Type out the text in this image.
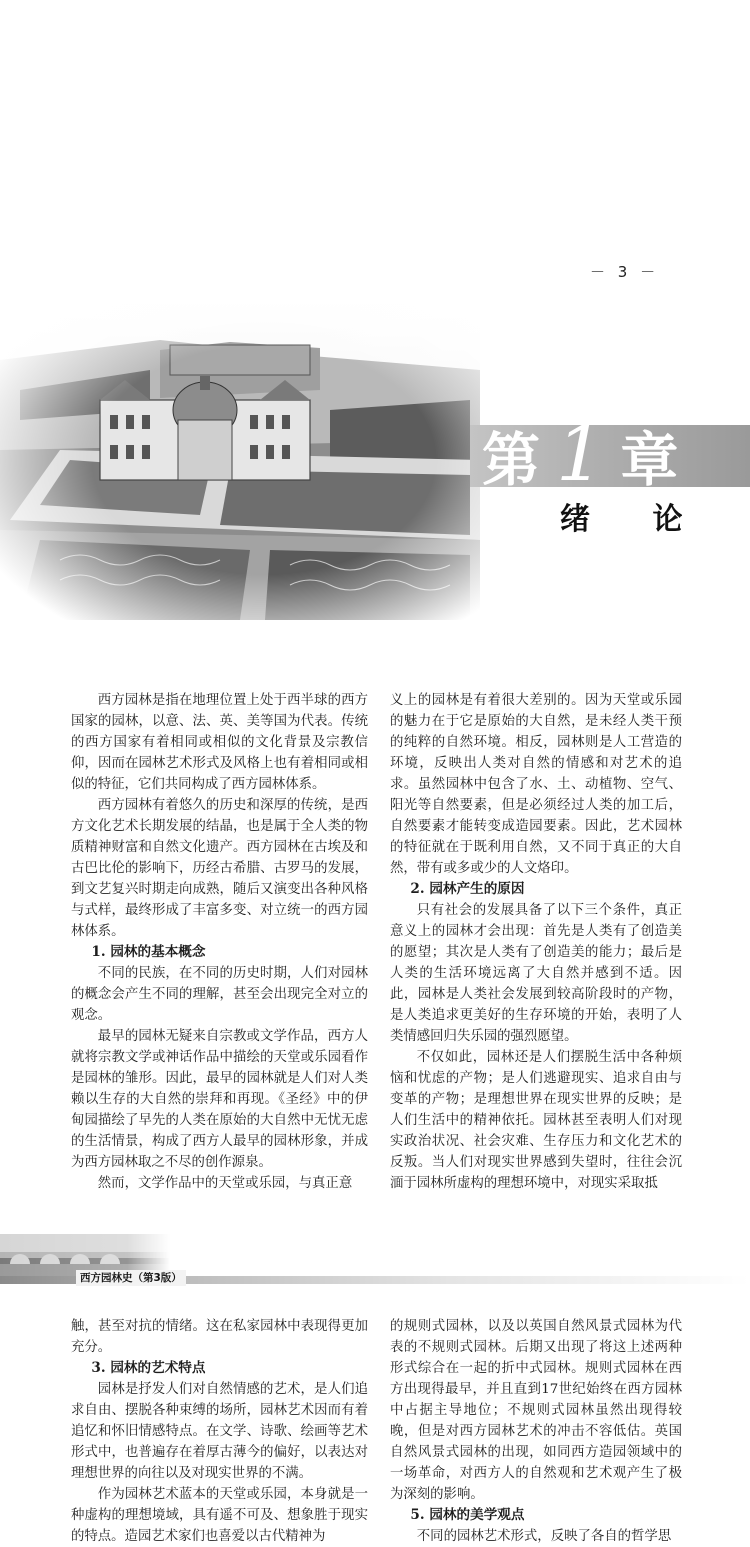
－ 3 －
第 1 章
绪 论

西方园林是指在地理位置上处于西半球的西方国家的园林，以意、法、英、美等国为代表。传统的西方国家有着相同或相似的文化背景及宗教信仰，因而在园林艺术形式及风格上也有着相同或相似的特征，它们共同构成了西方园林体系。

西方园林有着悠久的历史和深厚的传统，是西方文化艺术长期发展的结晶，也是属于全人类的物质精神财富和自然文化遗产。西方园林在古埃及和古巴比伦的影响下，历经古希腊、古罗马的发展，到文艺复兴时期走向成熟，随后又演变出各种风格与式样，最终形成了丰富多变、对立统一的西方园林体系。

1. 园林的基本概念

不同的民族，在不同的历史时期，人们对园林的概念会产生不同的理解，甚至会出现完全对立的观念。

最早的园林无疑来自宗教或文学作品，西方人就将宗教文学或神话作品中描绘的天堂或乐园看作是园林的雏形。因此，最早的园林就是人们对人类赖以生存的大自然的崇拜和再现。《圣经》中的伊甸园描绘了早先的人类在原始的大自然中无忧无虑的生活情景，构成了西方人最早的园林形象，并成为西方园林取之不尽的创作源泉。

然而，文学作品中的天堂或乐园，与真正意

义上的园林是有着很大差别的。因为天堂或乐园的魅力在于它是原始的大自然，是未经人类干预的纯粹的自然环境。相反，园林则是人工营造的环境，反映出人类对自然的情感和对艺术的追求。虽然园林中包含了水、土、动植物、空气、阳光等自然要素，但是必须经过人类的加工后，自然要素才能转变成造园要素。因此，艺术园林的特征就在于既利用自然，又不同于真正的大自然，带有或多或少的人文烙印。

2. 园林产生的原因

只有社会的发展具备了以下三个条件，真正意义上的园林才会出现：首先是人类有了创造美的愿望；其次是人类有了创造美的能力；最后是人类的生活环境远离了大自然并感到不适。因此，园林是人类社会发展到较高阶段时的产物，是人类追求更美好的生存环境的开始，表明了人类情感回归失乐园的强烈愿望。

不仅如此，园林还是人们摆脱生活中各种烦恼和忧虑的产物；是人们逃避现实、追求自由与变革的产物；是理想世界在现实世界的反映；是人们生活中的精神依托。园林甚至表明人们对现实政治状况、社会灾难、生存压力和文化艺术的反叛。当人们对现实世界感到失望时，往往会沉湎于园林所虚构的理想环境中，对现实采取抵

西方园林史（第3版）

触，甚至对抗的情绪。这在私家园林中表现得更加充分。

3. 园林的艺术特点

园林是抒发人们对自然情感的艺术，是人们追求自由、摆脱各种束缚的场所，园林艺术因而有着追忆和怀旧情感特点。在文学、诗歌、绘画等艺术形式中，也普遍存在着厚古薄今的偏好，以表达对理想世界的向往以及对现实世界的不满。

作为园林艺术蓝本的天堂或乐园，本身就是一种虚构的理想境域，具有遥不可及、想象胜于现实的特点。造园艺术家们也喜爱以古代精神为

的规则式园林，以及以英国自然风景式园林为代表的不规则式园林。后期又出现了将这上述两种形式综合在一起的折中式园林。规则式园林在西方出现得最早，并且直到17世纪始终在西方园林中占据主导地位；不规则式园林虽然出现得较晚，但是对西方园林艺术的冲击不容低估。英国自然风景式园林的出现，如同西方造园领域中的一场革命，对西方人的自然观和艺术观产生了极为深刻的影响。

5. 园林的美学观点

不同的园林艺术形式，反映了各自的哲学思
